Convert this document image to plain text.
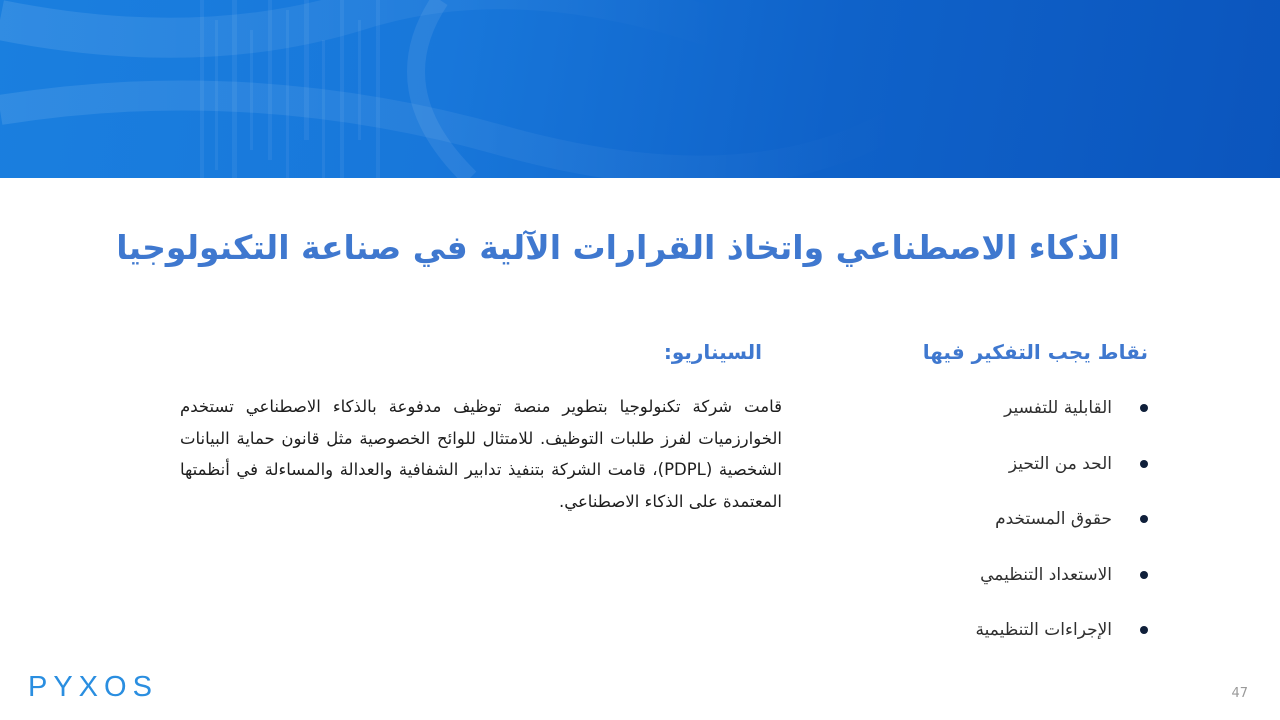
الذكاء الاصطناعي واتخاذ القرارات الآلية في صناعة التكنولوجيا
نقاط يجب التفكير فيها
القابلية للتفسير
الحد من التحيز
حقوق المستخدم
الاستعداد التنظيمي
الإجراءات التنظيمية
السيناريو:
قامت شركة تكنولوجيا بتطوير منصة توظيف مدفوعة بالذكاء الاصطناعي تستخدم الخوارزميات لفرز طلبات التوظيف. للامتثال للوائح الخصوصية مثل قانون حماية البيانات الشخصية (PDPL)، قامت الشركة بتنفيذ تدابير الشفافية والعدالة والمساءلة في أنظمتها المعتمدة على الذكاء الاصطناعي.
PYXOS	47
